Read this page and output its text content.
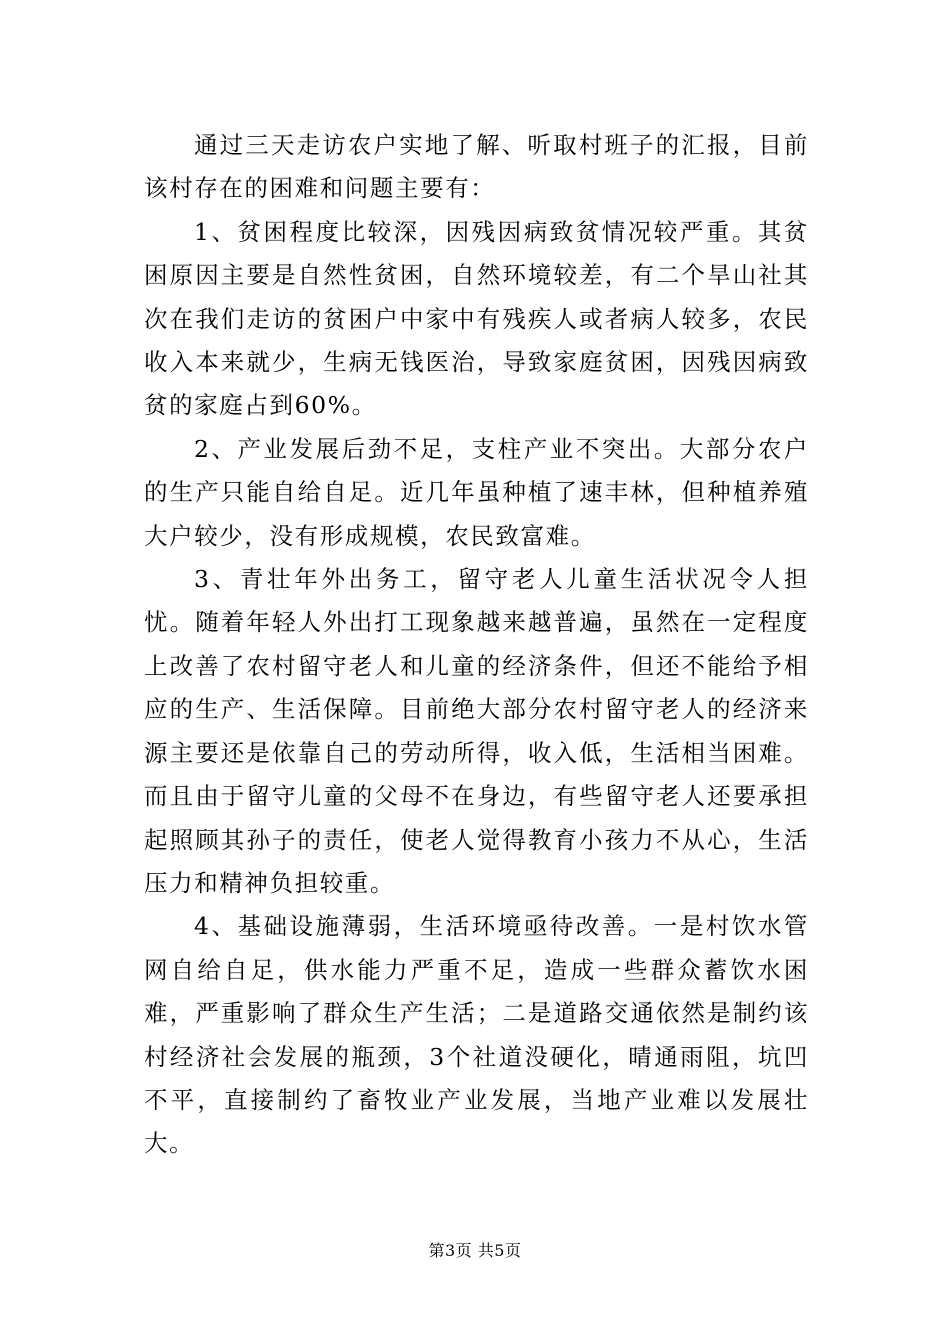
通过三天走访农户实地了解、听取村班子的汇报，目前该村存在的困难和问题主要有：

1、贫困程度比较深，因残因病致贫情况较严重。其贫困原因主要是自然性贫困，自然环境较差，有二个旱山社其次在我们走访的贫困户中家中有残疾人或者病人较多，农民收入本来就少，生病无钱医治，导致家庭贫困，因残因病致贫的家庭占到60%。

2、产业发展后劲不足，支柱产业不突出。大部分农户的生产只能自给自足。近几年虽种植了速丰林，但种植养殖大户较少，没有形成规模，农民致富难。

3、青壮年外出务工，留守老人儿童生活状况令人担忧。随着年轻人外出打工现象越来越普遍，虽然在一定程度上改善了农村留守老人和儿童的经济条件，但还不能给予相应的生产、生活保障。目前绝大部分农村留守老人的经济来源主要还是依靠自己的劳动所得，收入低，生活相当困难。而且由于留守儿童的父母不在身边，有些留守老人还要承担起照顾其孙子的责任，使老人觉得教育小孩力不从心，生活压力和精神负担较重。

4、基础设施薄弱，生活环境亟待改善。一是村饮水管网自给自足，供水能力严重不足，造成一些群众蓄饮水困难，严重影响了群众生产生活；二是道路交通依然是制约该村经济社会发展的瓶颈，3个社道没硬化，晴通雨阻，坑凹不平，直接制约了畜牧业产业发展，当地产业难以发展壮大。

第3页 共5页
